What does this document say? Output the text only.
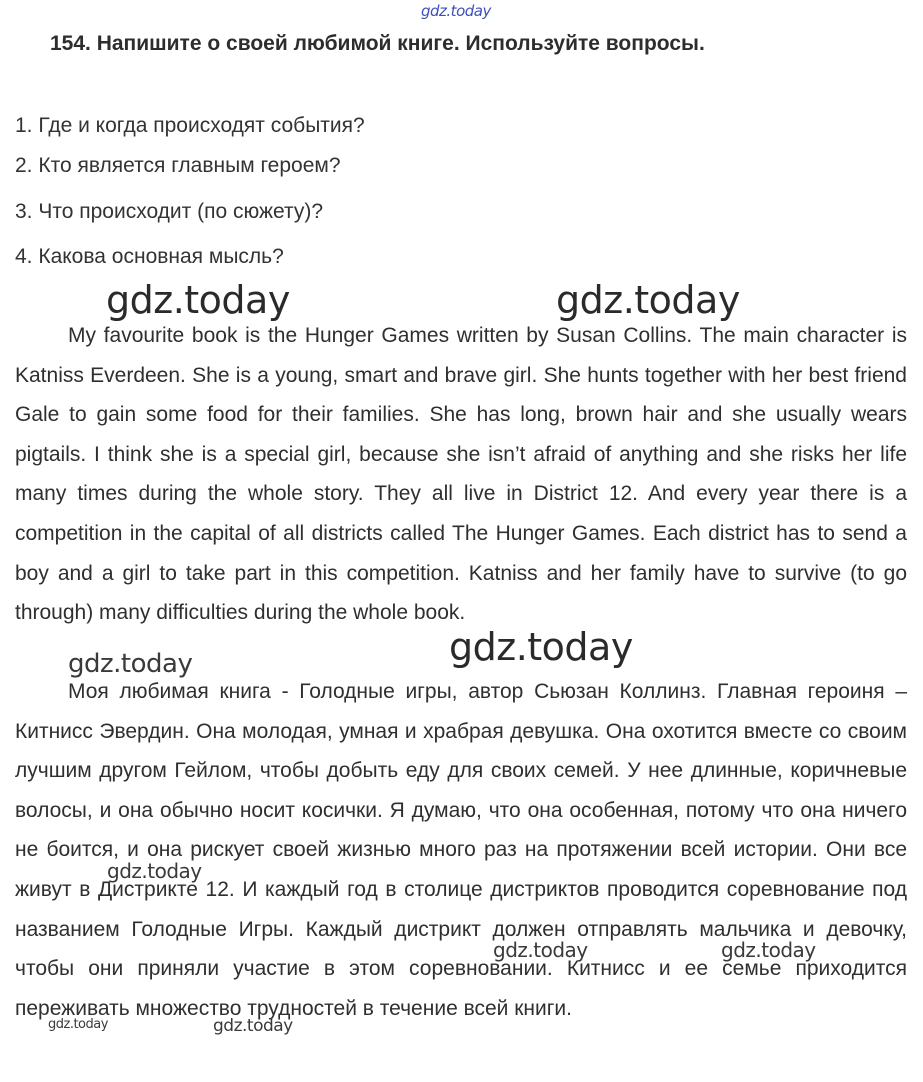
gdz.today
154. Напишите о своей любимой книге. Используйте вопросы.
1. Где и когда происходят события?
2. Кто является главным героем?
3. Что происходит (по сюжету)?
4. Какова основная мысль?

My favourite book is the Hunger Games written by Susan Collins. The main character is Katniss Everdeen. She is a young, smart and brave girl. She hunts together with her best friend Gale to gain some food for their families. She has long, brown hair and she usually wears pigtails. I think she is a special girl, because she isn’t afraid of anything and she risks her life many times during the whole story. They all live in District 12. And every year there is a competition in the capital of all districts called The Hunger Games. Each district has to send a boy and a girl to take part in this competition. Katniss and her family have to survive (to go through) many difficulties during the whole book.

Моя любимая книга - Голодные игры, автор Сьюзан Коллинз. Главная героиня – Китнисс Эвердин. Она молодая, умная и храбрая девушка. Она охотится вместе со своим лучшим другом Гейлом, чтобы добыть еду для своих семей. У нее длинные, коричневые волосы, и она обычно носит косички. Я думаю, что она особенная, потому что она ничего не боится, и она рискует своей жизнью много раз на протяжении всей истории. Они все живут в Дистрикте 12. И каждый год в столице дистриктов проводится соревнование под названием Голодные Игры. Каждый дистрикт должен отправлять мальчика и девочку, чтобы они приняли участие в этом соревновании. Китнисс и ее семье приходится переживать множество трудностей в течение всей книги.

gdz.today	gdz.today
gdz.today
gdz.today
gdz.today
gdz.today	gdz.today
gdz.today	gdz.today
